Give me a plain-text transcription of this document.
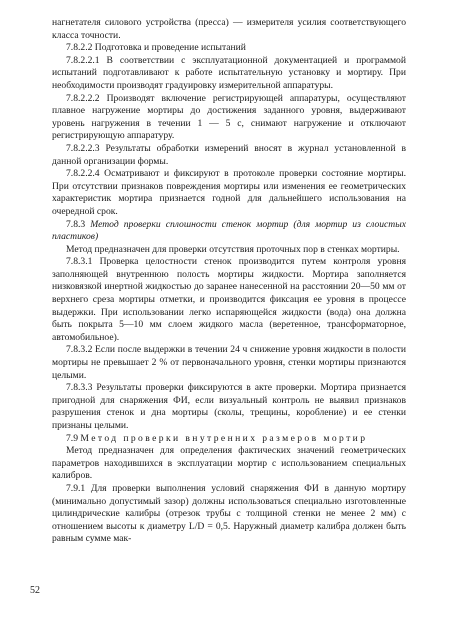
нагнетателя силового устройства (пресса) — измерителя усилия соответствующего класса точности.

7.8.2.2 Подготовка и проведение испытаний

7.8.2.2.1 В соответствии с эксплуатационной документацией и программой испытаний подготавливают к работе испытательную установку и мортиру. При необходимости производят градуировку измерительной аппаратуры.

7.8.2.2.2 Производят включение регистрирующей аппаратуры, осуществляют плавное нагружение мортиры до достижения заданного уровня, выдерживают уровень нагружения в течении 1 — 5 с, снимают нагружение и отключают регистрирующую аппаратуру.

7.8.2.2.3 Результаты обработки измерений вносят в журнал установленной в данной организации формы.

7.8.2.2.4 Осматривают и фиксируют в протоколе проверки состояние мортиры. При отсутствии признаков повреждения мортиры или изменения ее геометрических характеристик мортира признается годной для дальнейшего использования на очередной срок.

7.8.3 Метод проверки сплошности стенок мортир (для мортир из слоистых пластиков)

Метод предназначен для проверки отсутствия проточных пор в стенках мортиры.

7.8.3.1 Проверка целостности стенок производится путем контроля уровня заполняющей внутреннюю полость мортиры жидкости. Мортира заполняется низковязкой инертной жидкостью до заранее нанесенной на расстоянии 20—50 мм от верхнего среза мортиры отметки, и производится фиксация ее уровня в процессе выдержки. При использовании легко испаряющейся жидкости (вода) она должна быть покрыта 5—10 мм слоем жидкого масла (веретенное, трансформаторное, автомобильное).

7.8.3.2 Если после выдержки в течении 24 ч снижение уровня жидкости в полости мортиры не превышает 2 % от первоначального уровня, стенки мортиры признаются целыми.

7.8.3.3 Результаты проверки фиксируются в акте проверки. Мортира признается пригодной для снаряжения ФИ, если визуальный контроль не выявил признаков разрушения стенок и дна мортиры (сколы, трещины, коробление) и ее стенки признаны целыми.

7.9 Метод проверки внутренних размеров мортир

Метод предназначен для определения фактических значений геометрических параметров находившихся в эксплуатации мортир с использованием специальных калибров.

7.9.1 Для проверки выполнения условий снаряжения ФИ в данную мортиру (минимально допустимый зазор) должны использоваться специально изготовленные цилиндрические калибры (отрезок трубы с толщиной стенки не менее 2 мм) с отношением высоты к диаметру L/D = 0,5. Наружный диаметр калибра должен быть равным сумме мак-

52
